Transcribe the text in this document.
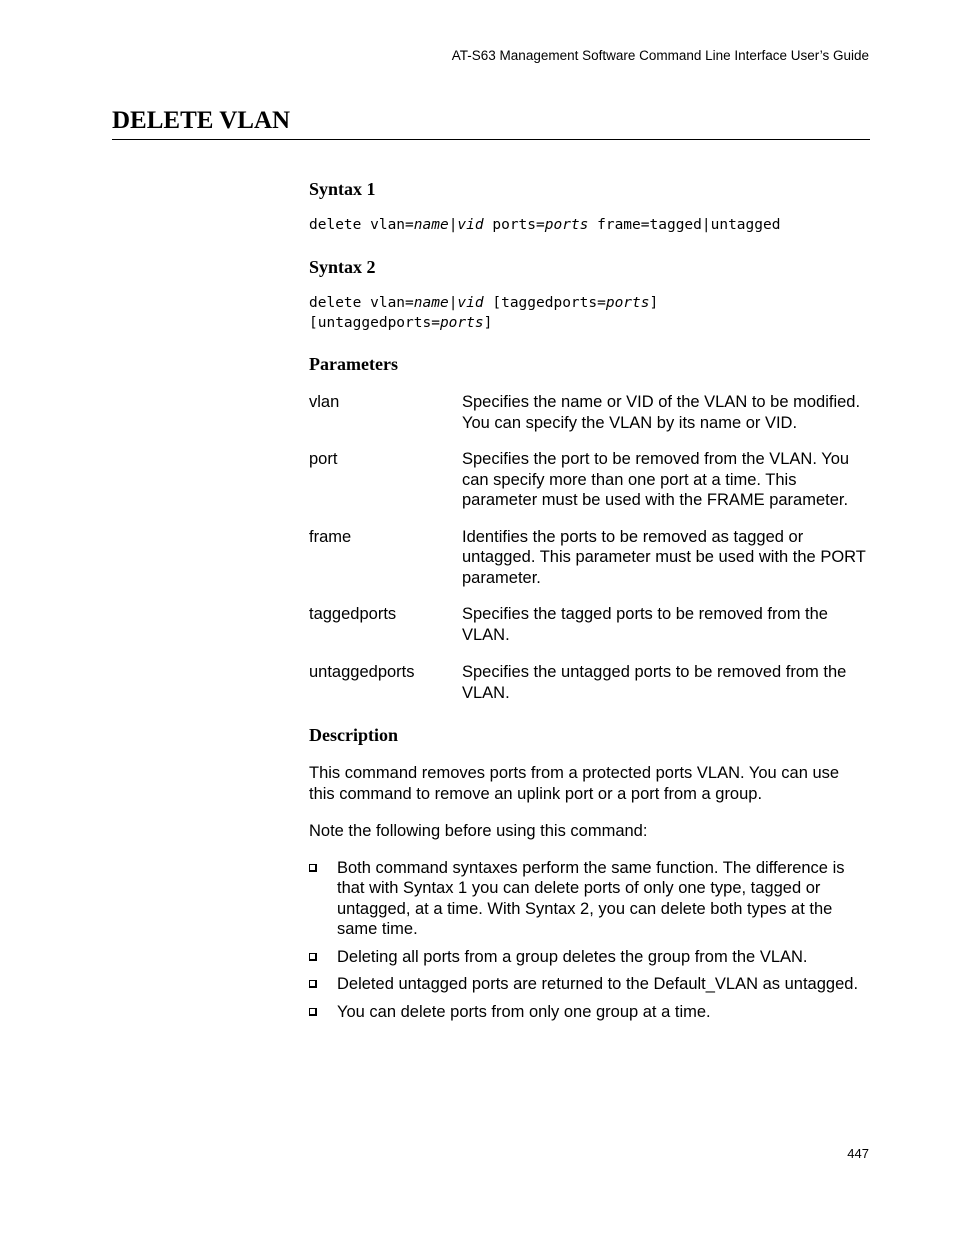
AT-S63 Management Software Command Line Interface User’s Guide
DELETE VLAN
Syntax 1
delete vlan=name|vid ports=ports frame=tagged|untagged
Syntax 2
delete vlan=name|vid [taggedports=ports]
[untaggedports=ports]
Parameters
vlan	Specifies the name or VID of the VLAN to be modified. You can specify the VLAN by its name or VID.
port	Specifies the port to be removed from the VLAN. You can specify more than one port at a time. This parameter must be used with the FRAME parameter.
frame	Identifies the ports to be removed as tagged or untagged. This parameter must be used with the PORT parameter.
taggedports	Specifies the tagged ports to be removed from the VLAN.
untaggedports	Specifies the untagged ports to be removed from the VLAN.
Description
This command removes ports from a protected ports VLAN. You can use this command to remove an uplink port or a port from a group.
Note the following before using this command:
Both command syntaxes perform the same function. The difference is that with Syntax 1 you can delete ports of only one type, tagged or untagged, at a time. With Syntax 2, you can delete both types at the same time.
Deleting all ports from a group deletes the group from the VLAN.
Deleted untagged ports are returned to the Default_VLAN as untagged.
You can delete ports from only one group at a time.
447
